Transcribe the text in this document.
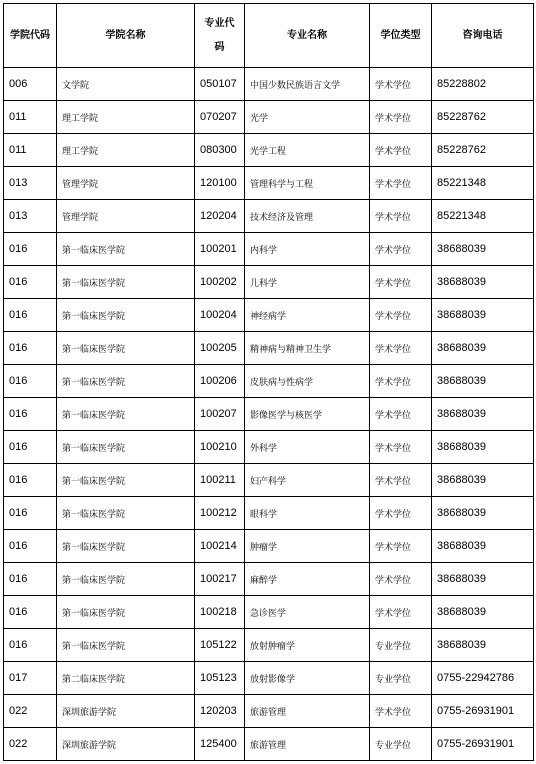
学院代码	学院名称	专业代码	专业名称	学位类型	咨询电话
006	文学院	050107	中国少数民族语言文学	学术学位	85228802
011	理工学院	070207	光学	学术学位	85228762
011	理工学院	080300	光学工程	学术学位	85228762
013	管理学院	120100	管理科学与工程	学术学位	85221348
013	管理学院	120204	技术经济及管理	学术学位	85221348
016	第一临床医学院	100201	内科学	学术学位	38688039
016	第一临床医学院	100202	儿科学	学术学位	38688039
016	第一临床医学院	100204	神经病学	学术学位	38688039
016	第一临床医学院	100205	精神病与精神卫生学	学术学位	38688039
016	第一临床医学院	100206	皮肤病与性病学	学术学位	38688039
016	第一临床医学院	100207	影像医学与核医学	学术学位	38688039
016	第一临床医学院	100210	外科学	学术学位	38688039
016	第一临床医学院	100211	妇产科学	学术学位	38688039
016	第一临床医学院	100212	眼科学	学术学位	38688039
016	第一临床医学院	100214	肿瘤学	学术学位	38688039
016	第一临床医学院	100217	麻醉学	学术学位	38688039
016	第一临床医学院	100218	急诊医学	学术学位	38688039
016	第一临床医学院	105122	放射肿瘤学	专业学位	38688039
017	第二临床医学院	105123	放射影像学	专业学位	0755-22942786
022	深圳旅游学院	120203	旅游管理	学术学位	0755-26931901
022	深圳旅游学院	125400	旅游管理	专业学位	0755-26931901
